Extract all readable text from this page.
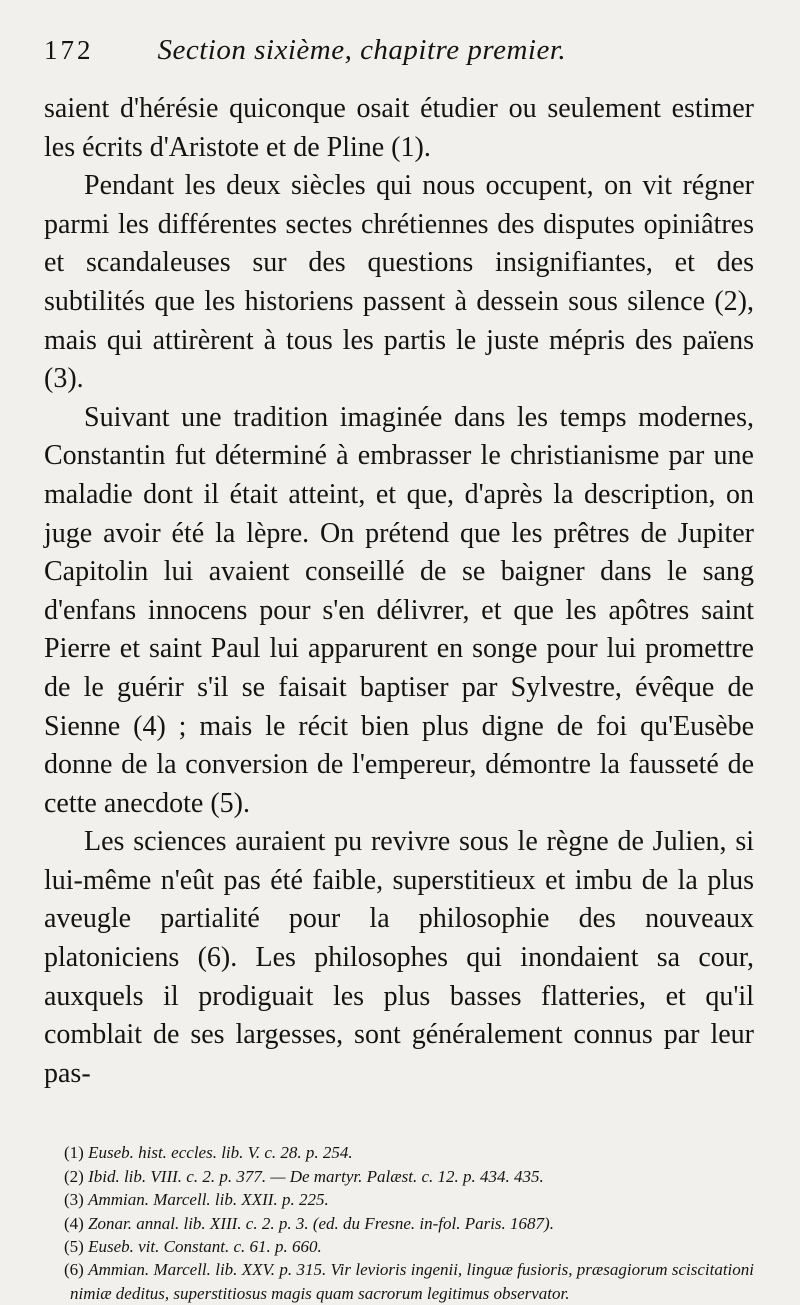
172 Section sixième, chapitre premier.

saient d'hérésie quiconque osait étudier ou seulement estimer les écrits d'Aristote et de Pline (1).

Pendant les deux siècles qui nous occupent, on vit régner parmi les différentes sectes chrétiennes des disputes opiniâtres et scandaleuses sur des questions insignifiantes, et des subtilités que les historiens passent à dessein sous silence (2), mais qui attirèrent à tous les partis le juste mépris des païens (3).

Suivant une tradition imaginée dans les temps modernes, Constantin fut déterminé à embrasser le christianisme par une maladie dont il était atteint, et que, d'après la description, on juge avoir été la lèpre. On prétend que les prêtres de Jupiter Capitolin lui avaient conseillé de se baigner dans le sang d'enfans innocens pour s'en délivrer, et que les apôtres saint Pierre et saint Paul lui apparurent en songe pour lui promettre de le guérir s'il se faisait baptiser par Sylvestre, évêque de Sienne (4) ; mais le récit bien plus digne de foi qu'Eusèbe donne de la conversion de l'empereur, démontre la fausseté de cette anecdote (5).

Les sciences auraient pu revivre sous le règne de Julien, si lui-même n'eût pas été faible, superstitieux et imbu de la plus aveugle partialité pour la philosophie des nouveaux platoniciens (6). Les philosophes qui inondaient sa cour, auxquels il prodiguait les plus basses flatteries, et qu'il comblait de ses largesses, sont généralement connus par leur pas-

(1) Euseb. hist. eccles. lib. V. c. 28. p. 254.

(2) Ibid. lib. VIII. c. 2. p. 377. — De martyr. Palæst. c. 12. p. 434. 435.

(3) Ammian. Marcell. lib. XXII. p. 225.

(4) Zonar. annal. lib. XIII. c. 2. p. 3. (ed. du Fresne. in-fol. Paris. 1687).

(5) Euseb. vit. Constant. c. 61. p. 660.

(6) Ammian. Marcell. lib. XXV. p. 315. Vir levioris ingenii, linguæ fusioris, præsagiorum sciscitationi nimiæ deditus, superstitiosus magis quam sacrorum legitimus observator.
